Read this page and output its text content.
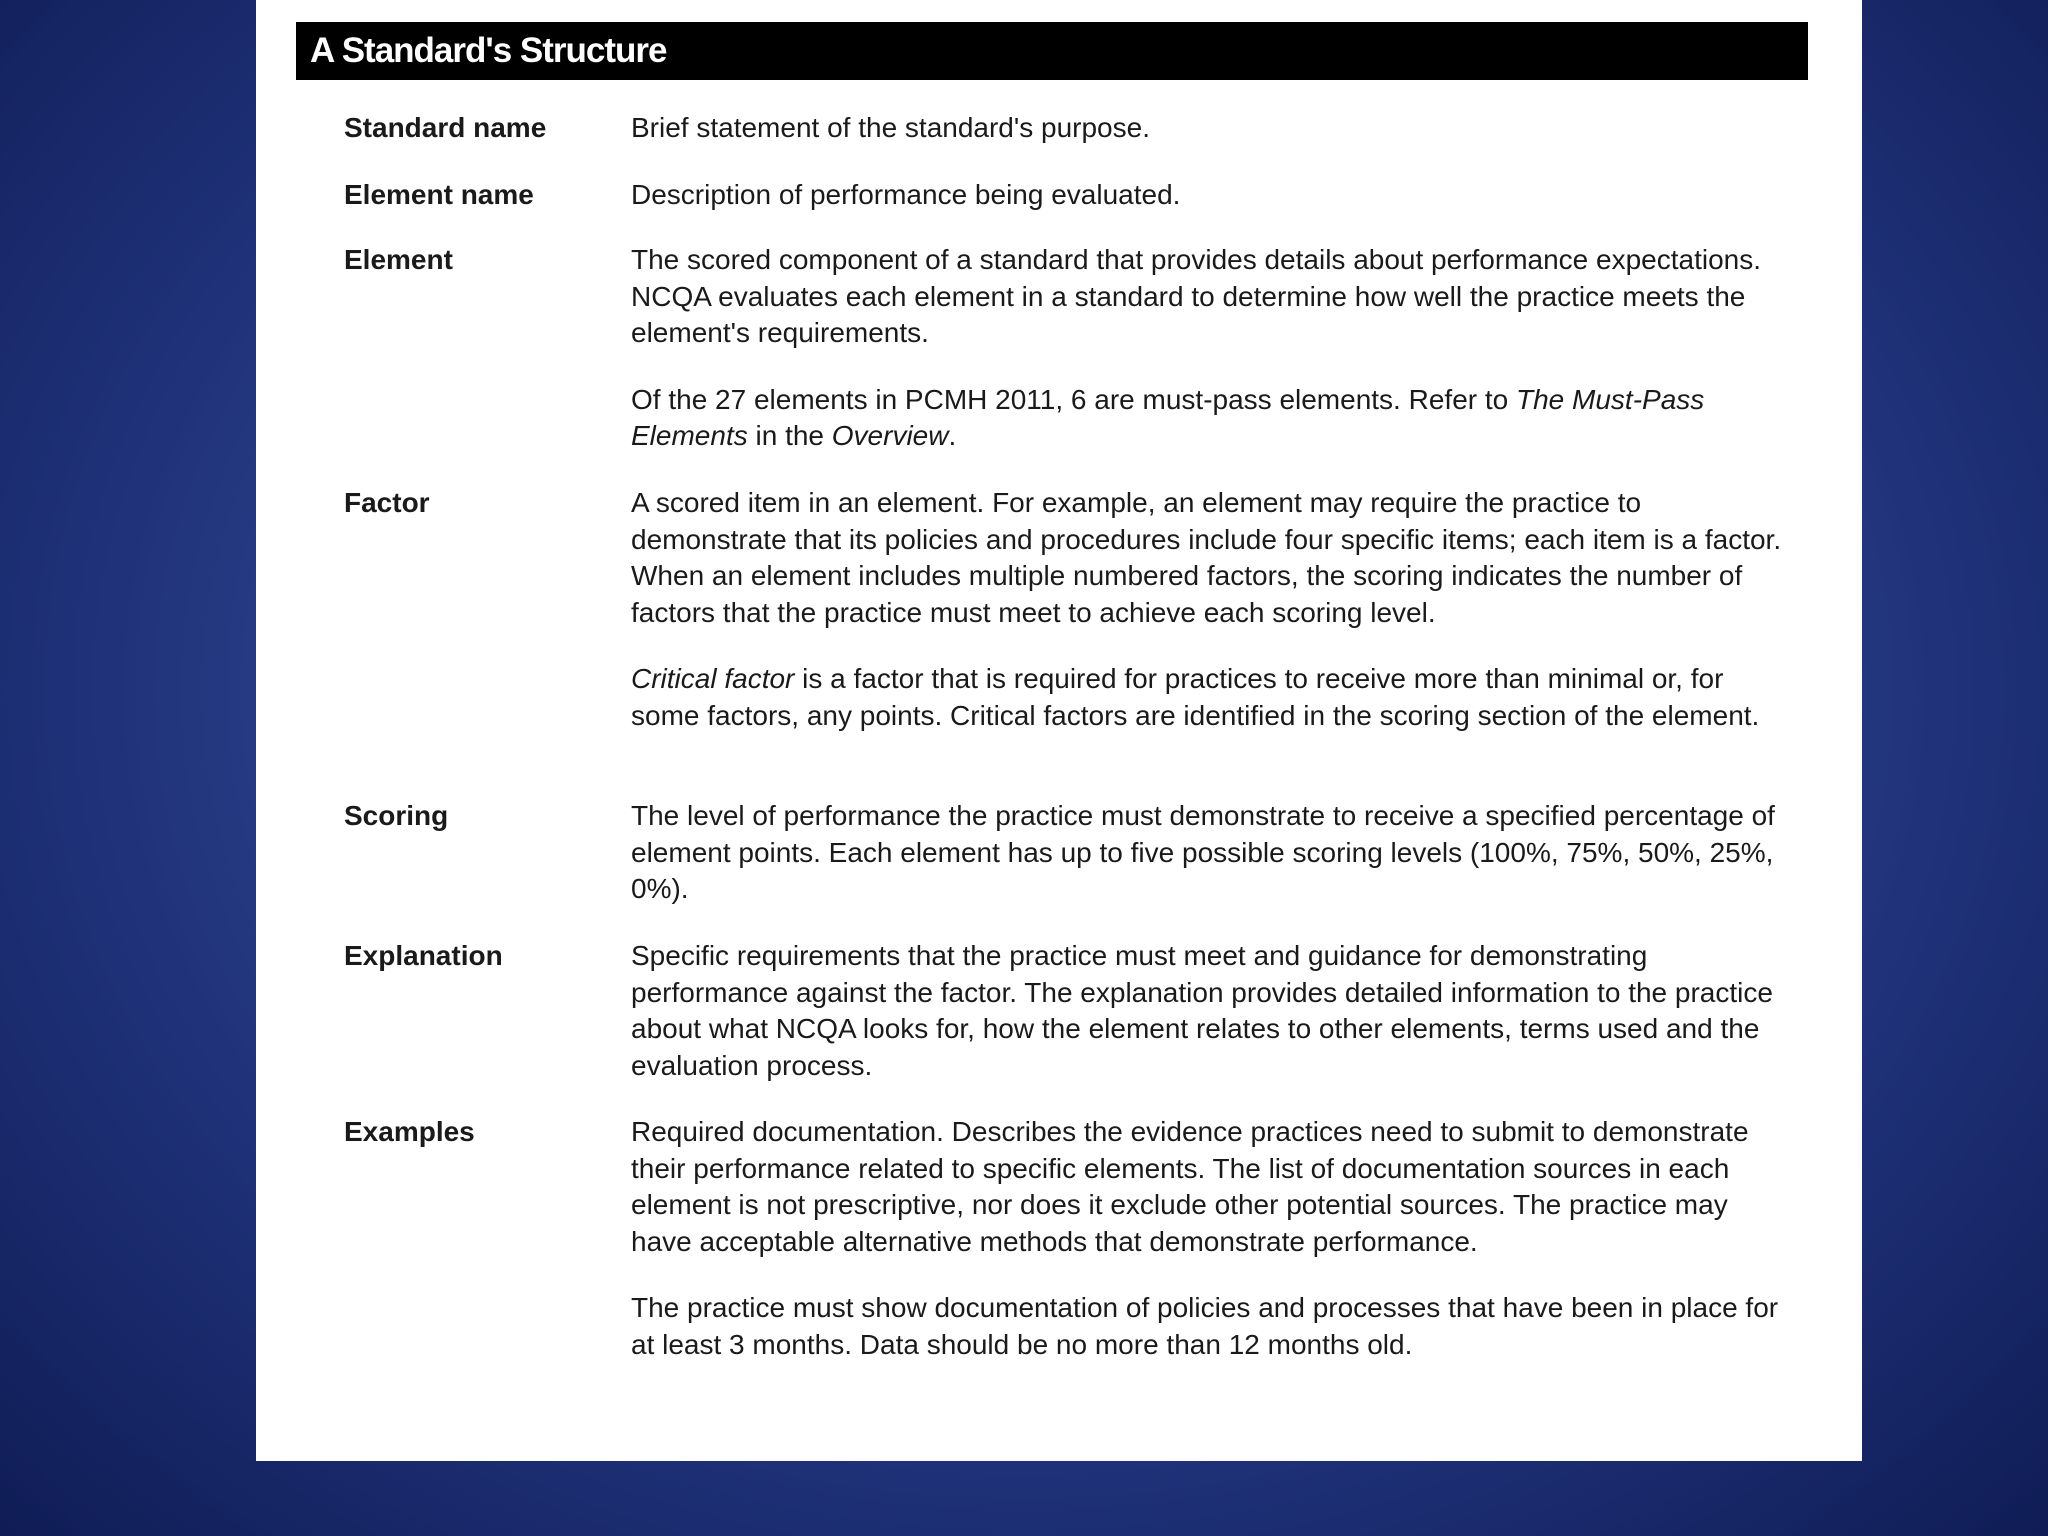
A Standard's Structure
Standard name	Brief statement of the standard's purpose.

Element name	Description of performance being evaluated.

Element	The scored component of a standard that provides details about performance expectations. NCQA evaluates each element in a standard to determine how well the practice meets the element's requirements.

Of the 27 elements in PCMH 2011, 6 are must-pass elements. Refer to The Must-Pass Elements in the Overview.

Factor	A scored item in an element. For example, an element may require the practice to demonstrate that its policies and procedures include four specific items; each item is a factor. When an element includes multiple numbered factors, the scoring indicates the number of factors that the practice must meet to achieve each scoring level.

Critical factor is a factor that is required for practices to receive more than minimal or, for some factors, any points. Critical factors are identified in the scoring section of the element.

Scoring	The level of performance the practice must demonstrate to receive a specified percentage of element points. Each element has up to five possible scoring levels (100%, 75%, 50%, 25%, 0%).

Explanation	Specific requirements that the practice must meet and guidance for demonstrating performance against the factor. The explanation provides detailed information to the practice about what NCQA looks for, how the element relates to other elements, terms used and the evaluation process.

Examples	Required documentation. Describes the evidence practices need to submit to demonstrate their performance related to specific elements. The list of documentation sources in each element is not prescriptive, nor does it exclude other potential sources. The practice may have acceptable alternative methods that demonstrate performance.

The practice must show documentation of policies and processes that have been in place for at least 3 months. Data should be no more than 12 months old.
